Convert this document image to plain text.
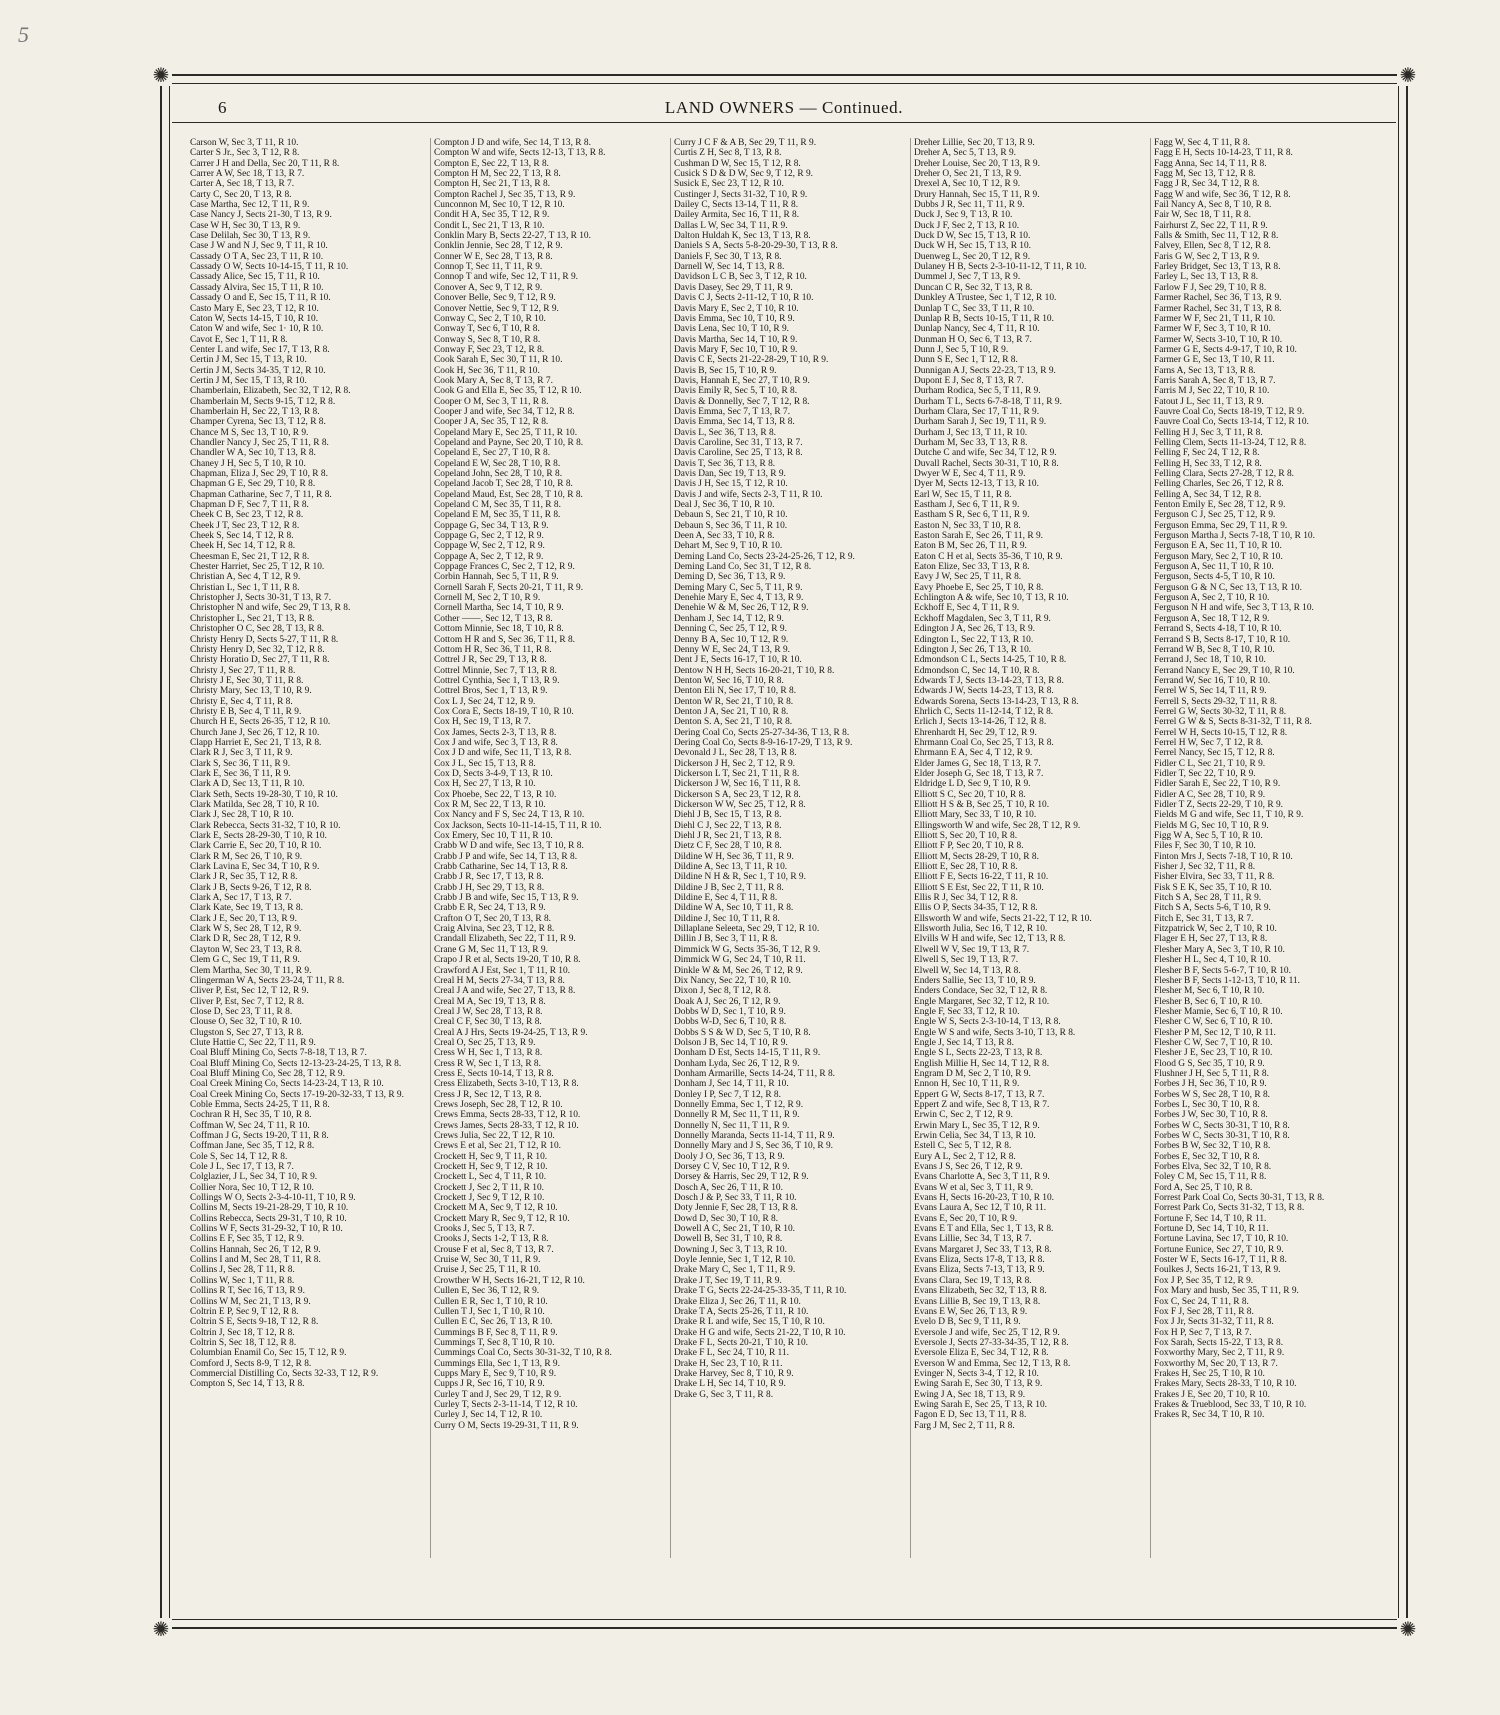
5
✺	✺
✺	✺
6	LAND OWNERS — Continued.
Carson W, Sec 3, T 11, R 10.
Carter S Jr., Sec 3, T 12, R 8.
Carrer J H and Della, Sec 20, T 11, R 8.
Carrer A W, Sec 18, T 13, R 7.
Carter A, Sec 18, T 13, R 7.
Carty C, Sec 20, T 13, R 8.
Case Martha, Sec 12, T 11, R 9.
Case Nancy J, Sects 21-30, T 13, R 9.
Case W H, Sec 30, T 13, R 9.
Case Delilah, Sec 30, T 13, R 9.
Case J W and N J, Sec 9, T 11, R 10.
Cassady O T A, Sec 23, T 11, R 10.
Cassady O W, Sects 10-14-15, T 11, R 10.
Cassady Alice, Sec 15, T 11, R 10.
Cassady Alvira, Sec 15, T 11, R 10.
Cassady O and E, Sec 15, T 11, R 10.
Casto Mary E, Sec 23, T 12, R 10.
Caton W, Sects 14-15, T 10, R 10.
Caton W and wife, Sec 1· 10, R 10.
Cavot E, Sec 1, T 11, R 8.
Center L and wife, Sec 17, T 13, R 8.
Certin J M, Sec 15, T 13, R 10.
Certin J M, Sects 34-35, T 12, R 10.
Certin J M, Sec 15, T 13, R 10.
Chamberlain, Elizabeth, Sec 32, T 12, R 8.
Chamberlain M, Sects 9-15, T 12, R 8.
Chamberlain H, Sec 22, T 13, R 8.
Champer Cyrena, Sec 13, T 12, R 8.
Chance M S, Sec 13, T 10, R 9.
Chandler Nancy J, Sec 25, T 11, R 8.
Chandler W A, Sec 10, T 13, R 8.
Chaney J H, Sec 5, T 10, R 10.
Chapman, Eliza J, Sec 29, T 10, R 8.
Chapman G E, Sec 29, T 10, R 8.
Chapman Catharine, Sec 7, T 11, R 8.
Chapman D F, Sec 7, T 11, R 8.
Cheek C B, Sec 23, T 12, R 8.
Cheek J T, Sec 23, T 12, R 8.
Cheek S, Sec 14, T 12, R 8.
Cheek H, Sec 14, T 12, R 8.
Cheesman E, Sec 21, T 12, R 8.
Chester Harriet, Sec 25, T 12, R 10.
Christian A, Sec 4, T 12, R 9.
Christian L, Sec 1, T 11, R 8.
Christopher J, Sects 30-31, T 13, R 7.
Christopher N and wife, Sec 29, T 13, R 8.
Christopher L, Sec 21, T 13, R 8.
Christopher O C, Sec 28, T 13, R 8.
Christy Henry D, Sects 5-27, T 11, R 8.
Christy Henry D, Sec 32, T 12, R 8.
Christy Horatio D, Sec 27, T 11, R 8.
Christy J, Sec 27, T 11, R 8.
Christy J E, Sec 30, T 11, R 8.
Christy Mary, Sec 13, T 10, R 9.
Christy E, Sec 4, T 11, R 8.
Christy E B, Sec 4, T 11, R 9.
Church H E, Sects 26-35, T 12, R 10.
Church Jane J, Sec 26, T 12, R 10.
Clapp Harriet E, Sec 21, T 13, R 8.
Clark R J, Sec 3, T 11, R 9.
Clark S, Sec 36, T 11, R 9.
Clark E, Sec 36, T 11, R 9.
Clark A D, Sec 13, T 11, R 10.
Clark Seth, Sects 19-28-30, T 10, R 10.
Clark Matilda, Sec 28, T 10, R 10.
Clark J, Sec 28, T 10, R 10.
Clark Rebecca, Sects 31-32, T 10, R 10.
Clark E, Sects 28-29-30, T 10, R 10.
Clark Carrie E, Sec 20, T 10, R 10.
Clark R M, Sec 26, T 10, R 9.
Clark Lavina E, Sec 34, T 10, R 9.
Clark J R, Sec 35, T 12, R 8.
Clark J B, Sects 9-26, T 12, R 8.
Clark A, Sec 17, T 13, R 7.
Clark Kate, Sec 19, T 13, R 8.
Clark J E, Sec 20, T 13, R 9.
Clark W S, Sec 28, T 12, R 9.
Clark D R, Sec 28, T 12, R 9.
Clayton W, Sec 23, T 13, R 8.
Clem G C, Sec 19, T 11, R 9.
Clem Martha, Sec 30, T 11, R 9.
Clingerman W A, Sects 23-24, T 11, R 8.
Cliver P, Est, Sec 12, T 12, R 9.
Cliver P, Est, Sec 7, T 12, R 8.
Close D, Sec 23, T 11, R 8.
Clouse O, Sec 32, T 10, R 10.
Clugston S, Sec 27, T 13, R 8.
Clute Hattie C, Sec 22, T 11, R 9.
Coal Bluff Mining Co, Sects 7-8-18, T 13, R 7.
Coal Bluff Mining Co, Sects 12-13-23-24-25, T 13, R 8.
Coal Bluff Mining Co, Sec 28, T 12, R 9.
Coal Creek Mining Co, Sects 14-23-24, T 13, R 10.
Coal Creek Mining Co, Sects 17-19-20-32-33, T 13, R 9.
Coble Emma, Sects 24-25, T 11, R 8.
Cochran R H, Sec 35, T 10, R 8.
Coffman W, Sec 24, T 11, R 10.
Coffman J G, Sects 19-20, T 11, R 8.
Coffman Jane, Sec 35, T 12, R 8.
Cole S, Sec 14, T 12, R 8.
Cole J L, Sec 17, T 13, R 7.
Colglazier, J L, Sec 34, T 10, R 9.
Collier Nora, Sec 10, T 12, R 10.
Collings W O, Sects 2-3-4-10-11, T 10, R 9.
Collins M, Sects 19-21-28-29, T 10, R 10.
Collins Rebecca, Sects 29-31, T 10, R 10.
Collins W F, Sects 31-29-32, T 10, R 10.
Collins E F, Sec 35, T 12, R 9.
Collins Hannah, Sec 26, T 12, R 9.
Collins I and M, Sec 28, T 11, R 8.
Collins J, Sec 28, T 11, R 8.
Collins W, Sec 1, T 11, R 8.
Collins R T, Sec 16, T 13, R 9.
Collins W M, Sec 21, T 13, R 9.
Coltrin E P, Sec 9, T 12, R 8.
Coltrin S E, Sects 9-18, T 12, R 8.
Coltrin J, Sec 18, T 12, R 8.
Coltrin S, Sec 18, T 12, R 8.
Columbian Enamil Co, Sec 15, T 12, R 9.
Comford J, Sects 8-9, T 12, R 8.
Commercial Distilling Co, Sects 32-33, T 12, R 9.
Compton S, Sec 14, T 13, R 8.
Compton J D and wife, Sec 14, T 13, R 8.
Compton W and wife, Sects 12-13, T 13, R 8.
Compton E, Sec 22, T 13, R 8.
Compton H M, Sec 22, T 13, R 8.
Compton H, Sec 21, T 13, R 8.
Compton Rachel J, Sec 35, T 13, R 9.
Cunconnon M, Sec 10, T 12, R 10.
Condit H A, Sec 35, T 12, R 9.
Condit L, Sec 21, T 13, R 10.
Conklin Mary B, Sects 22-27, T 13, R 10.
Conklin Jennie, Sec 28, T 12, R 9.
Conner W E, Sec 28, T 13, R 8.
Connop T, Sec 11, T 11, R 9.
Connop T and wife, Sec 12, T 11, R 9.
Conover A, Sec 9, T 12, R 9.
Conover Belle, Sec 9, T 12, R 9.
Conover Nettie, Sec 9, T 12, R 9.
Conway C, Sec 2, T 10, R 10.
Conway T, Sec 6, T 10, R 8.
Conway S, Sec 8, T 10, R 8.
Conway F, Sec 23, T 12, R 8.
Cook Sarah E, Sec 30, T 11, R 10.
Cook H, Sec 36, T 11, R 10.
Cook Mary A, Sec 8, T 13, R 7.
Cook G and Ella E, Sec 35, T 12, R 10.
Cooper O M, Sec 3, T 11, R 8.
Cooper J and wife, Sec 34, T 12, R 8.
Cooper J A, Sec 35, T 12, R 8.
Copeland Mary E, Sec 25, T 11, R 10.
Copeland and Payne, Sec 20, T 10, R 8.
Copeland E, Sec 27, T 10, R 8.
Copeland E W, Sec 28, T 10, R 8.
Copeland John, Sec 28, T 10, R 8.
Copeland Jacob T, Sec 28, T 10, R 8.
Copeland Maud, Est, Sec 28, T 10, R 8.
Copeland C M, Sec 35, T 11, R 8.
Copeland E M, Sec 35, T 11, R 8.
Coppage G, Sec 34, T 13, R 9.
Coppage G, Sec 2, T 12, R 9.
Coppage W, Sec 2, T 12, R 9.
Coppage A, Sec 2, T 12, R 9.
Coppage Frances C, Sec 2, T 12, R 9.
Corbin Hannah, Sec 5, T 11, R 9.
Cornell Sarah F, Sects 20-21, T 11, R 9.
Cornell M, Sec 2, T 10, R 9.
Cornell Martha, Sec 14, T 10, R 9.
Cother ——, Sec 12, T 13, R 8.
Cottom Minnie, Sec 18, T 10, R 8.
Cottom H R and S, Sec 36, T 11, R 8.
Cottom H R, Sec 36, T 11, R 8.
Cottrel J R, Sec 29, T 13, R 8.
Cottrel Minnie, Sec 7, T 13, R 8.
Cottrel Cynthia, Sec 1, T 13, R 9.
Cottrel Bros, Sec 1, T 13, R 9.
Cox L J, Sec 24, T 12, R 9.
Cox Cora E, Sects 18-19, T 10, R 10.
Cox H, Sec 19, T 13, R 7.
Cox James, Sects 2-3, T 13, R 8.
Cox J and wife, Sec 3, T 13, R 8.
Cox J D and wife, Sec 11, T 13, R 8.
Cox J L, Sec 15, T 13, R 8.
Cox D, Sects 3-4-9, T 13, R 10.
Cox H, Sec 27, T 13, R 10.
Cox Phoebe, Sec 22, T 13, R 10.
Cox R M, Sec 22, T 13, R 10.
Cox Nancy and F S, Sec 24, T 13, R 10.
Cox Jackson, Sects 10-11-14-15, T 11, R 10.
Cox Emery, Sec 10, T 11, R 10.
Crabb W D and wife, Sec 13, T 10, R 8.
Crabb J P and wife, Sec 14, T 13, R 8.
Crabb Catharine, Sec 14, T 13, R 8.
Crabb J R, Sec 17, T 13, R 8.
Crabb J H, Sec 29, T 13, R 8.
Crabb J B and wife, Sec 15, T 13, R 9.
Crabb E R, Sec 24, T 13, R 9.
Crafton O T, Sec 20, T 13, R 8.
Craig Alvina, Sec 23, T 12, R 8.
Crandall Elizabeth, Sec 22, T 11, R 9.
Crane G M, Sec 11, T 13, R 9.
Crapo J R et al, Sects 19-20, T 10, R 8.
Crawford A J Est, Sec 1, T 11, R 10.
Creal H M, Sects 27-34, T 13, R 8.
Creal J A and wife, Sec 27, T 13, R 8.
Creal M A, Sec 19, T 13, R 8.
Creal J W, Sec 28, T 13, R 8.
Creal C F, Sec 30, T 13, R 8.
Creal A J Hrs, Sects 19-24-25, T 13, R 9.
Creal O, Sec 25, T 13, R 9.
Cress W H, Sec 1, T 13, R 8.
Cress R W, Sec 1, T 13, R 8.
Cress E, Sects 10-14, T 13, R 8.
Cress Elizabeth, Sects 3-10, T 13, R 8.
Cress J R, Sec 12, T 13, R 8.
Crews Joseph, Sec 28, T 12, R 10.
Crews Emma, Sects 28-33, T 12, R 10.
Crews James, Sects 28-33, T 12, R 10.
Crews Julia, Sec 22, T 12, R 10.
Crews E et al, Sec 21, T 12, R 10.
Crockett H, Sec 9, T 11, R 10.
Crockett H, Sec 9, T 12, R 10.
Crockett L, Sec 4, T 11, R 10.
Crockett J, Sec 2, T 11, R 10.
Crockett J, Sec 9, T 12, R 10.
Crockett M A, Sec 9, T 12, R 10.
Crockett Mary R, Sec 9, T 12, R 10.
Crooks J, Sec 5, T 13, R 7.
Crooks J, Sects 1-2, T 13, R 8.
Crouse F et al, Sec 8, T 13, R 7.
Cruise W, Sec 30, T 11, R 9.
Cruise J, Sec 25, T 11, R 10.
Crowther W H, Sects 16-21, T 12, R 10.
Cullen E, Sec 36, T 12, R 9.
Cullen E R, Sec 1, T 10, R 10.
Cullen T J, Sec 1, T 10, R 10.
Cullen E C, Sec 26, T 13, R 10.
Cummings B F, Sec 8, T 11, R 9.
Cummings T, Sec 8, T 10, R 10.
Cummings Coal Co, Sects 30-31-32, T 10, R 8.
Cummings Ella, Sec 1, T 13, R 9.
Cupps Mary E, Sec 9, T 10, R 9.
Cupps J R, Sec 16, T 10, R 9.
Curley T and J, Sec 29, T 12, R 9.
Curley T, Sects 2-3-11-14, T 12, R 10.
Curley J, Sec 14, T 12, R 10.
Curry O M, Sects 19-29-31, T 11, R 9.
Curry J C F & A B, Sec 29, T 11, R 9.
Curtis Z H, Sec 8, T 13, R 8.
Cushman D W, Sec 15, T 12, R 8.
Cusick S D & D W, Sec 9, T 12, R 9.
Susick E, Sec 23, T 12, R 10.
Custinger J, Sects 31-32, T 10, R 9.
Dailey C, Sects 13-14, T 11, R 8.
Dailey Armita, Sec 16, T 11, R 8.
Dallas L W, Sec 34, T 11, R 9.
Dalton Huldah K, Sec 13, T 13, R 8.
Daniels S A, Sects 5-8-20-29-30, T 13, R 8.
Daniels F, Sec 30, T 13, R 8.
Darnell W, Sec 14, T 13, R 8.
Davidson L C B, Sec 3, T 12, R 10.
Davis Dasey, Sec 29, T 11, R 9.
Davis C J, Sects 2-11-12, T 10, R 10.
Davis Mary E, Sec 2, T 10, R 10.
Davis Emma, Sec 10, T 10, R 9.
Davis Lena, Sec 10, T 10, R 9.
Davis Martha, Sec 14, T 10, R 9.
Davis Mary F, Sec 10, T 10, R 9.
Davis C E, Sects 21-22-28-29, T 10, R 9.
Davis B, Sec 15, T 10, R 9.
Davis, Hannah E, Sec 27, T 10, R 9.
Davis Emily R, Sec 5, T 10, R 8.
Davis & Donnelly, Sec 7, T 12, R 8.
Davis Emma, Sec 7, T 13, R 7.
Davis Emma, Sec 14, T 13, R 8.
Davis L, Sec 36, T 13, R 8.
Davis Caroline, Sec 31, T 13, R 7.
Davis Caroline, Sec 25, T 13, R 8.
Davis T, Sec 36, T 13, R 8.
Davis Dan, Sec 19, T 13, R 9.
Davis J H, Sec 15, T 12, R 10.
Davis J and wife, Sects 2-3, T 11, R 10.
Deal J, Sec 36, T 10, R 10.
Debaun S, Sec 21, T 10, R 10.
Debaun S, Sec 36, T 11, R 10.
Deen A, Sec 33, T 10, R 8.
Dehart M, Sec 9, T 10, R 10.
Deming Land Co, Sects 23-24-25-26, T 12, R 9.
Deming Land Co, Sec 31, T 12, R 8.
Deming D, Sec 36, T 13, R 9.
Deming Mary C, Sec 5, T 11, R 9.
Denehie Mary E, Sec 4, T 13, R 9.
Denehie W & M, Sec 26, T 12, R 9.
Denham J, Sec 14, T 12, R 9.
Denning C, Sec 25, T 12, R 9.
Denny B A, Sec 10, T 12, R 9.
Denny W E, Sec 24, T 13, R 9.
Dent J E, Sects 16-17, T 10, R 10.
Dentow N H H, Sects 16-20-21, T 10, R 8.
Denton W, Sec 16, T 10, R 8.
Denton Eli N, Sec 17, T 10, R 8.
Denton W R, Sec 21, T 10, R 8.
Denton J A, Sec 21, T 10, R 8.
Denton S. A, Sec 21, T 10, R 8.
Dering Coal Co, Sects 25-27-34-36, T 13, R 8.
Dering Coal Co, Sects 8-9-16-17-29, T 13, R 9.
Devonald J L, Sec 28, T 13, R 8.
Dickerson J H, Sec 2, T 12, R 9.
Dickerson L T, Sec 21, T 11, R 8.
Dickerson J W, Sec 16, T 11, R 8.
Dickerson S A, Sec 23, T 12, R 8.
Dickerson W W, Sec 25, T 12, R 8.
Diehl J B, Sec 15, T 13, R 8.
Diehl C J, Sec 22, T 13, R 8.
Diehl J R, Sec 21, T 13, R 8.
Dietz C F, Sec 28, T 10, R 8.
Dildine W H, Sec 36, T 11, R 9.
Dildine A, Sec 13, T 11, R 10.
Dildine N H & R, Sec 1, T 10, R 9.
Dildine J B, Sec 2, T 11, R 8.
Dildine E, Sec 4, T 11, R 8.
Dildine W A, Sec 10, T 11, R 8.
Dildine J, Sec 10, T 11, R 8.
Dillaplane Seleeta, Sec 29, T 12, R 10.
Dillin J B, Sec 3, T 11, R 8.
Dimmick W G, Sects 35-36, T 12, R 9.
Dimmick W G, Sec 24, T 10, R 11.
Dinkle W & M, Sec 26, T 12, R 9.
Dix Nancy, Sec 22, T 10, R 10.
Dixon J, Sec 8, T 12, R 8.
Doak A J, Sec 26, T 12, R 9.
Dobbs W D, Sec 1, T 10, R 9.
Dobbs W-D, Sec 6, T 10, R 8.
Dobbs S S & W D, Sec 5, T 10, R 8.
Dolson J B, Sec 14, T 10, R 9.
Donham D Est, Sects 14-15, T 11, R 9.
Donham Lyda, Sec 26, T 12, R 9.
Donham Armarille, Sects 14-24, T 11, R 8.
Donham J, Sec 14, T 11, R 10.
Donley I P, Sec 7, T 12, R 8.
Donnelly Emma, Sec 1, T 12, R 9.
Donnelly R M, Sec 11, T 11, R 9.
Donnelly N, Sec 11, T 11, R 9.
Donnelly Maranda, Sects 11-14, T 11, R 9.
Donnelly Mary and J S, Sec 36, T 10, R 9.
Dooly J O, Sec 36, T 13, R 9.
Dorsey C V, Sec 10, T 12, R 9.
Dorsey & Harris, Sec 29, T 12, R 9.
Dosch A, Sec 26, T 11, R 10.
Dosch J & P, Sec 33, T 11, R 10.
Doty Jennie F, Sec 28, T 13, R 8.
Dowd D, Sec 30, T 10, R 8.
Dowell A C, Sec 21, T 10, R 10.
Dowell B, Sec 31, T 10, R 8.
Downing J, Sec 3, T 13, R 10.
Doyle Jennie, Sec 1, T 12, R 10.
Drake Mary C, Sec 1, T 11, R 9.
Drake J T, Sec 19, T 11, R 9.
Drake T G, Sects 22-24-25-33-35, T 11, R 10.
Drake Eliza J, Sec 26, T 11, R 10.
Drake T A, Sects 25-26, T 11, R 10.
Drake R L and wife, Sec 15, T 10, R 10.
Drake H G and wife, Sects 21-22, T 10, R 10.
Drake F L, Sects 20-21, T 10, R 10.
Drake F L, Sec 24, T 10, R 11.
Drake H, Sec 23, T 10, R 11.
Drake Harvey, Sec 8, T 10, R 9.
Drake L H, Sec 14, T 10, R 9.
Drake G, Sec 3, T 11, R 8.
Dreher Lillie, Sec 20, T 13, R 9.
Dreher A, Sec 5, T 13, R 9.
Dreher Louise, Sec 20, T 13, R 9.
Dreher O, Sec 21, T 13, R 9.
Drexel A, Sec 10, T 12, R 9.
Drury Hannah, Sec 15, T 11, R 9.
Dubbs J R, Sec 11, T 11, R 9.
Duck J, Sec 9, T 13, R 10.
Duck J F, Sec 2, T 13, R 10.
Duck D W, Sec 15, T 13, R 10.
Duck W H, Sec 15, T 13, R 10.
Duenweg L, Sec 20, T 12, R 9.
Dulaney H B, Sects 2-3-10-11-12, T 11, R 10.
Dummel J, Sec 7, T 13, R 9.
Duncan C R, Sec 32, T 13, R 8.
Dunkley A Trustee, Sec 1, T 12, R 10.
Dunlap T C, Sec 33, T 11, R 10.
Dunlap R B, Sects 10-15, T 11, R 10.
Dunlap Nancy, Sec 4, T 11, R 10.
Dunman H O, Sec 6, T 13, R 7.
Dunn J, Sec 5, T 10, R 9.
Dunn S E, Sec 1, T 12, R 8.
Dunnigan A J, Sects 22-23, T 13, R 9.
Dupont E J, Sec 8, T 13, R 7.
Durham Rodica, Sec 5, T 11, R 9.
Durham T L, Sects 6-7-8-18, T 11, R 9.
Durham Clara, Sec 17, T 11, R 9.
Durham Sarah J, Sec 19, T 11, R 9.
Durham J, Sec 13, T 11, R 10.
Durham M, Sec 33, T 13, R 8.
Dutche C and wife, Sec 34, T 12, R 9.
Duvall Rachel, Sects 30-31, T 10, R 8.
Dwyer W E, Sec 4, T 11, R 9.
Dyer M, Sects 12-13, T 13, R 10.
Earl W, Sec 15, T 11, R 8.
Eastham J, Sec 6, T 11, R 9.
Eastham S R, Sec 6, T 11, R 9.
Easton N, Sec 33, T 10, R 8.
Easton Sarah E, Sec 26, T 11, R 9.
Eaton B M, Sec 26, T 11, R 9.
Eaton C H et al, Sects 35-36, T 10, R 9.
Eaton Elize, Sec 33, T 13, R 8.
Eavy J W, Sec 25, T 11, R 8.
Eavy Phoebe E, Sec 25, T 10, R 8.
Echlington A & wife, Sec 10, T 13, R 10.
Eckhoff E, Sec 4, T 11, R 9.
Eckhoff Magdalen, Sec 3, T 11, R 9.
Edington J A, Sec 26, T 13, R 9.
Edington L, Sec 22, T 13, R 10.
Edington J, Sec 26, T 13, R 10.
Edmondson C L, Sects 14-25, T 10, R 8.
Edmondson C, Sec 14, T 10, R 8.
Edwards T J, Sects 13-14-23, T 13, R 8.
Edwards J W, Sects 14-23, T 13, R 8.
Edwards Sorena, Sects 13-14-23, T 13, R 8.
Ehrlich C, Sects 11-12-14, T 12, R 8.
Erlich J, Sects 13-14-26, T 12, R 8.
Ehrenhardt H, Sec 29, T 12, R 9.
Ehrmann Coal Co, Sec 25, T 13, R 8.
Ehrmann E A, Sec 4, T 12, R 9.
Elder James G, Sec 18, T 13, R 7.
Elder Joseph G, Sec 18, T 13, R 7.
Eldridge L D, Sec 9, T 10, R 9.
Elliott S C, Sec 20, T 10, R 8.
Elliott H S & B, Sec 25, T 10, R 10.
Elliott Mary, Sec 33, T 10, R 10.
Ellingsworth W and wife, Sec 28, T 12, R 9.
Elliott S, Sec 20, T 10, R 8.
Elliott F P, Sec 20, T 10, R 8.
Elliott M, Sects 28-29, T 10, R 8.
Elliott E, Sec 28, T 10, R 8.
Elliott F E, Sects 16-22, T 11, R 10.
Elliott S E Est, Sec 22, T 11, R 10.
Ellis R J, Sec 34, T 12, R 8.
Ellis O P, Sects 34-35, T 12, R 8.
Ellsworth W and wife, Sects 21-22, T 12, R 10.
Ellsworth Julia, Sec 16, T 12, R 10.
Elvills W H and wife, Sec 12, T 13, R 8.
Elwell W V, Sec 19, T 13, R 7.
Elwell S, Sec 19, T 13, R 7.
Elwell W, Sec 14, T 13, R 8.
Enders Sallie, Sec 13, T 10, R 9.
Enders Condace, Sec 32, T 12, R 8.
Engle Margaret, Sec 32, T 12, R 10.
Engle F, Sec 33, T 12, R 10.
Engle W S, Sects 2-3-10-14, T 13, R 8.
Engle W S and wife, Sects 3-10, T 13, R 8.
Engle J, Sec 14, T 13, R 8.
Engle S L, Sects 22-23, T 13, R 8.
English Millie H, Sec 14, T 12, R 8.
Engram D M, Sec 2, T 10, R 9.
Ennon H, Sec 10, T 11, R 9.
Eppert G W, Sects 8-17, T 13, R 7.
Eppert Z and wife, Sec 8, T 13, R 7.
Erwin C, Sec 2, T 12, R 9.
Erwin Mary L, Sec 35, T 12, R 9.
Erwin Celia, Sec 34, T 13, R 10.
Estell C, Sec 5, T 12, R 8.
Eury A L, Sec 2, T 12, R 8.
Evans J S, Sec 26, T 12, R 9.
Evans Charlotte A, Sec 3, T 11, R 9.
Evans W et al, Sec 3, T 11, R 9.
Evans H, Sects 16-20-23, T 10, R 10.
Evans Laura A, Sec 12, T 10, R 11.
Evans E, Sec 20, T 10, R 9.
Evans E T and Ella, Sec 1, T 13, R 8.
Evans Lillie, Sec 34, T 13, R 7.
Evans Margaret J, Sec 33, T 13, R 8.
Evans Eliza, Sects 17-8, T 13, R 8.
Evans Eliza, Sects 7-13, T 13, R 9.
Evans Clara, Sec 19, T 13, R 8.
Evans Elizabeth, Sec 32, T 13, R 8.
Evans Lillie B, Sec 19, T 13, R 8.
Evans E W, Sec 26, T 13, R 9.
Evelo D B, Sec 9, T 11, R 9.
Eversole J and wife, Sec 25, T 12, R 9.
Eversole J, Sects 27-33-34-35, T 12, R 8.
Eversole Eliza E, Sec 34, T 12, R 8.
Everson W and Emma, Sec 12, T 13, R 8.
Evinger N, Sects 3-4, T 12, R 10.
Ewing Sarah E, Sec 30, T 13, R 9.
Ewing J A, Sec 18, T 13, R 9.
Ewing Sarah E, Sec 25, T 13, R 10.
Fagon E D, Sec 13, T 11, R 8.
Farg J M, Sec 2, T 11, R 8.
Fagg W, Sec 4, T 11, R 8.
Fagg E H, Sects 10-14-23, T 11, R 8.
Fagg Anna, Sec 14, T 11, R 8.
Fagg M, Sec 13, T 12, R 8.
Fagg J R, Sec 34, T 12, R 8.
Fagg W and wife, Sec 36, T 12, R 8.
Fail Nancy A, Sec 8, T 10, R 8.
Fair W, Sec 18, T 11, R 8.
Fairhurst Z, Sec 22, T 11, R 9.
Falls & Smith, Sec 11, T 12, R 8.
Falvey, Ellen, Sec 8, T 12, R 8.
Faris G W, Sec 2, T 13, R 9.
Farley Bridget, Sec 13, T 13, R 8.
Farley L, Sec 13, T 13, R 8.
Farlow F J, Sec 29, T 10, R 8.
Farmer Rachel, Sec 36, T 13, R 9.
Farmer Rachel, Sec 31, T 13, R 8.
Farmer W F, Sec 21, T 11, R 10.
Farmer W F, Sec 3, T 10, R 10.
Farmer W, Sects 3-10, T 10, R 10.
Farmer G E, Sects 4-9-17, T 10, R 10.
Farmer G E, Sec 13, T 10, R 11.
Farns A, Sec 13, T 13, R 8.
Farris Sarah A, Sec 8, T 13, R 7.
Farris M J, Sec 22, T 10, R 10.
Fatout J L, Sec 11, T 13, R 9.
Fauvre Coal Co, Sects 18-19, T 12, R 9.
Fauvre Coal Co, Sects 13-14, T 12, R 10.
Felling H J, Sec 3, T 11, R 8.
Felling Clem, Sects 11-13-24, T 12, R 8.
Felling F, Sec 24, T 12, R 8.
Felling H, Sec 33, T 12, R 8.
Felling Clara, Sects 27-28, T 12, R 8.
Felling Charles, Sec 26, T 12, R 8.
Felling A, Sec 34, T 12, R 8.
Fenton Emily E, Sec 28, T 12, R 9.
Ferguson C J, Sec 25, T 12, R 9.
Ferguson Emma, Sec 29, T 11, R 9.
Ferguson Martha J, Sects 7-18, T 10, R 10.
Ferguson E A, Sec 11, T 10, R 10.
Ferguson Mary, Sec 2, T 10, R 10.
Ferguson A, Sec 11, T 10, R 10.
Ferguson, Sects 4-5, T 10, R 10.
Ferguson G & N C, Sec 13, T 13, R 10.
Ferguson A, Sec 2, T 10, R 10.
Ferguson N H and wife, Sec 3, T 13, R 10.
Ferguson A, Sec 18, T 12, R 9.
Ferrand S, Sects 4-18, T 10, R 10.
Ferrand S B, Sects 8-17, T 10, R 10.
Ferrand W B, Sec 8, T 10, R 10.
Ferrand J, Sec 18, T 10, R 10.
Ferrand Nancy E, Sec 29, T 10, R 10.
Ferrand W, Sec 16, T 10, R 10.
Ferrel W S, Sec 14, T 11, R 9.
Ferrell S, Sects 29-32, T 11, R 8.
Ferrel G W, Sects 30-32, T 11, R 8.
Ferrel G W & S, Sects 8-31-32, T 11, R 8.
Ferrel W H, Sects 10-15, T 12, R 8.
Ferrel H W, Sec 7, T 12, R 8.
Ferrel Nancy, Sec 15, T 12, R 8.
Fidler C L, Sec 21, T 10, R 9.
Fidler T, Sec 22, T 10, R 9.
Fidler Sarah E, Sec 22, T 10, R 9.
Fidler A C, Sec 28, T 10, R 9.
Fidler T Z, Sects 22-29, T 10, R 9.
Fields M G and wife, Sec 11, T 10, R 9.
Fields M G, Sec 10, T 10, R 9.
Figg W A, Sec 5, T 10, R 10.
Files F, Sec 30, T 10, R 10.
Finton Mrs J, Sects 7-18, T 10, R 10.
Fisher J, Sec 32, T 11, R 8.
Fisher Elvira, Sec 33, T 11, R 8.
Fisk S E K, Sec 35, T 10, R 10.
Fitch S A, Sec 28, T 11, R 9.
Fitch S A, Sects 5-6, T 10, R 9.
Fitch E, Sec 31, T 13, R 7.
Fitzpatrick W, Sec 2, T 10, R 10.
Flager E H, Sec 27, T 13, R 8.
Flesher Mary A, Sec 3, T 10, R 10.
Flesher H L, Sec 4, T 10, R 10.
Flesher B F, Sects 5-6-7, T 10, R 10.
Flesher B F, Sects 1-12-13, T 10, R 11.
Flesher M, Sec 6, T 10, R 10.
Flesher B, Sec 6, T 10, R 10.
Flesher Mamie, Sec 6, T 10, R 10.
Flesher C W, Sec 6, T 10, R 10.
Flesher P M, Sec 12, T 10, R 11.
Flesher C W, Sec 7, T 10, R 10.
Flesher J E, Sec 23, T 10, R 10.
Flood G S, Sec 35, T 10, R 9.
Flushner J H, Sec 5, T 11, R 8.
Forbes J H, Sec 36, T 10, R 9.
Forbes W S, Sec 28, T 10, R 8.
Forbes L, Sec 30, T 10, R 8.
Forbes J W, Sec 30, T 10, R 8.
Forbes W C, Sects 30-31, T 10, R 8.
Forbes W C, Sects 30-31, T 10, R 8.
Forbes B W, Sec 32, T 10, R 8.
Forbes E, Sec 32, T 10, R 8.
Forbes Elva, Sec 32, T 10, R 8.
Foley C M, Sec 15, T 11, R 8.
Ford A, Sec 25, T 10, R 8.
Forrest Park Coal Co, Sects 30-31, T 13, R 8.
Forrest Park Co, Sects 31-32, T 13, R 8.
Fortune F, Sec 14, T 10, R 11.
Fortune D, Sec 14, T 10, R 11.
Fortune Lavina, Sec 17, T 10, R 10.
Fortune Eunice, Sec 27, T 10, R 9.
Foster W E, Sects 16-17, T 11, R 8.
Foulkes J, Sects 16-21, T 13, R 9.
Fox J P, Sec 35, T 12, R 9.
Fox Mary and husb, Sec 35, T 11, R 9.
Fox C, Sec 24, T 11, R 8.
Fox F J, Sec 28, T 11, R 8.
Fox J Jr, Sects 31-32, T 11, R 8.
Fox H P, Sec 7, T 13, R 7.
Fox Sarah, Sects 15-22, T 13, R 8.
Foxworthy Mary, Sec 2, T 11, R 9.
Foxworthy M, Sec 20, T 13, R 7.
Frakes H, Sec 25, T 10, R 10.
Frakes Mary, Sects 28-33, T 10, R 10.
Frakes J E, Sec 20, T 10, R 10.
Frakes & Trueblood, Sec 33, T 10, R 10.
Frakes R, Sec 34, T 10, R 10.
